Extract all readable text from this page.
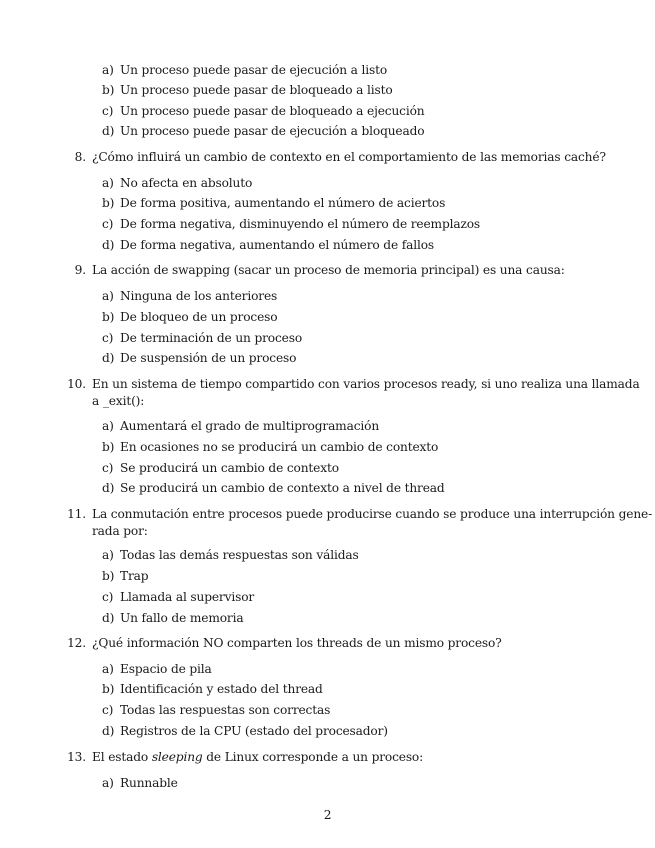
a) Un proceso puede pasar de ejecución a listo
b) Un proceso puede pasar de bloqueado a listo
c) Un proceso puede pasar de bloqueado a ejecución
d) Un proceso puede pasar de ejecución a bloqueado
8. ¿Cómo influirá un cambio de contexto en el comportamiento de las memorias caché?
a) No afecta en absoluto
b) De forma positiva, aumentando el número de aciertos
c) De forma negativa, disminuyendo el número de reemplazos
d) De forma negativa, aumentando el número de fallos
9. La acción de swapping (sacar un proceso de memoria principal) es una causa:
a) Ninguna de los anteriores
b) De bloqueo de un proceso
c) De terminación de un proceso
d) De suspensión de un proceso
10. En un sistema de tiempo compartido con varios procesos ready, si uno realiza una llamada
a _exit():
a) Aumentará el grado de multiprogramación
b) En ocasiones no se producirá un cambio de contexto
c) Se producirá un cambio de contexto
d) Se producirá un cambio de contexto a nivel de thread
11. La conmutación entre procesos puede producirse cuando se produce una interrupción gene-
rada por:
a) Todas las demás respuestas son válidas
b) Trap
c) Llamada al supervisor
d) Un fallo de memoria
12. ¿Qué información NO comparten los threads de un mismo proceso?
a) Espacio de pila
b) Identificación y estado del thread
c) Todas las respuestas son correctas
d) Registros de la CPU (estado del procesador)
13. El estado sleeping de Linux corresponde a un proceso:
a) Runnable
2
